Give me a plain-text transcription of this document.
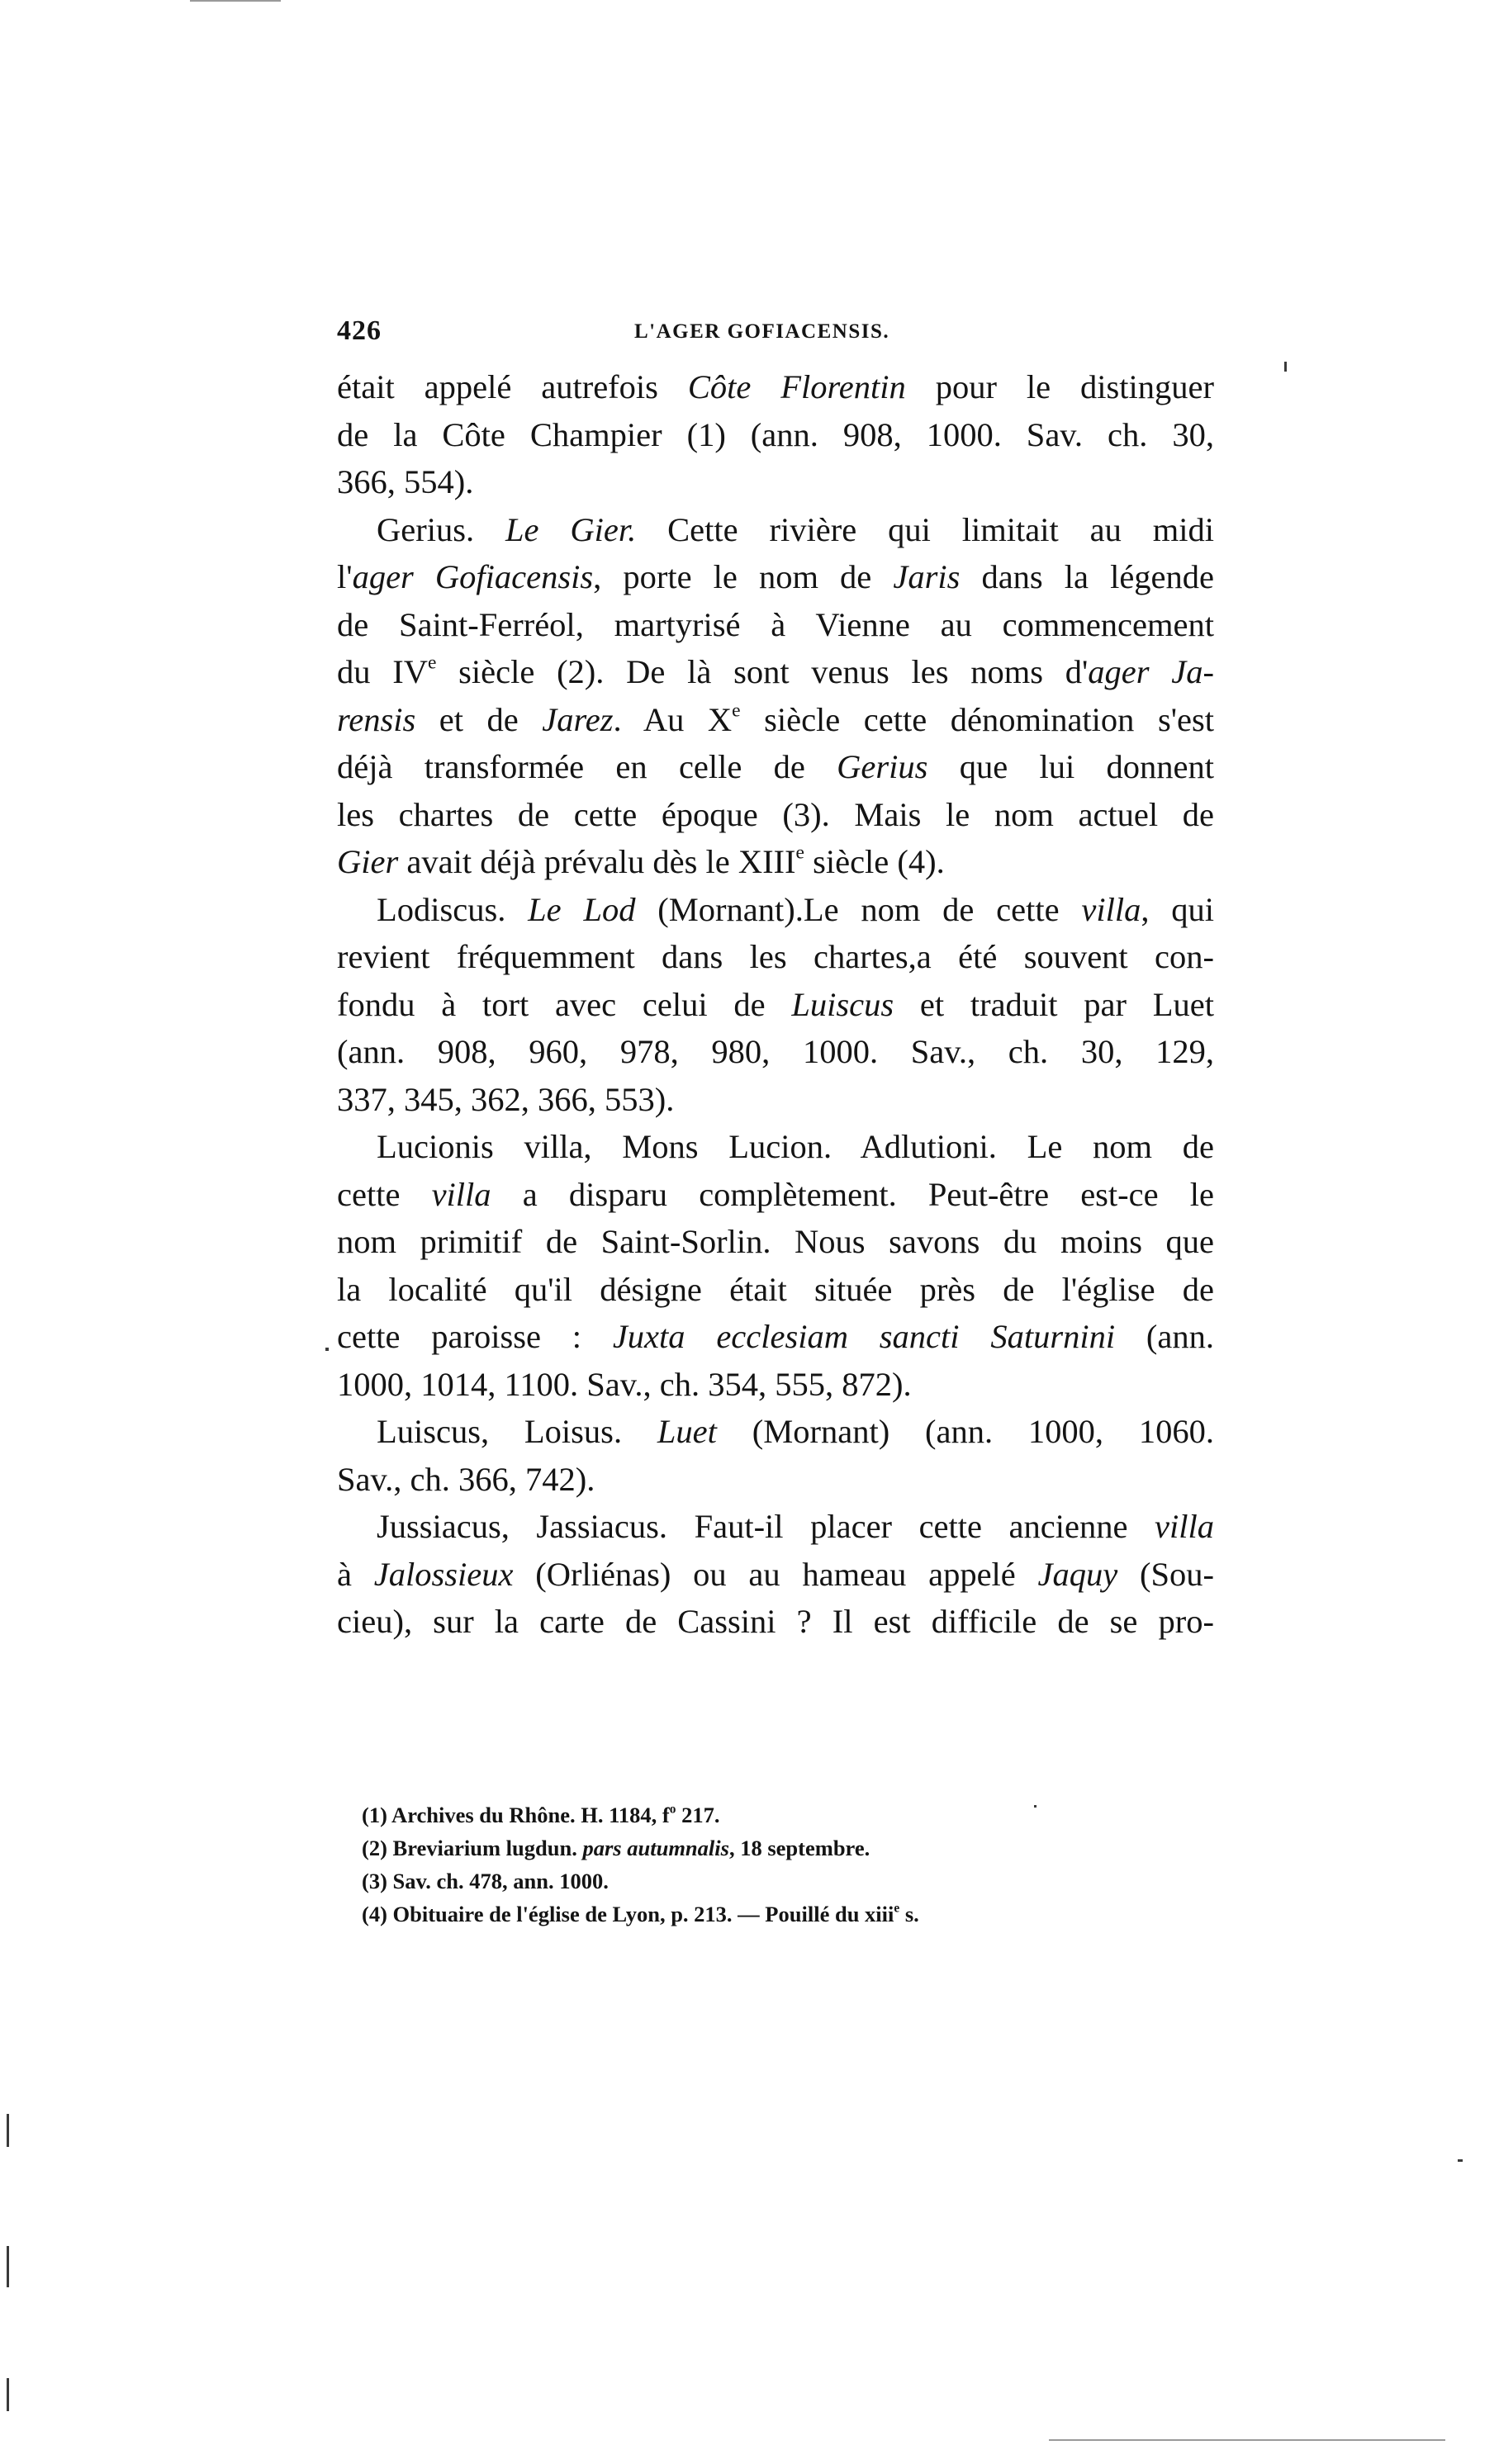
426	L'AGER GOFIACENSIS.
était appelé autrefois Côte Florentin pour le distinguer
de la Côte Champier (1) (ann. 908, 1000. Sav. ch. 30,
366, 554).
Gerius. Le Gier. Cette rivière qui limitait au midi
l'ager Gofiacensis, porte le nom de Jaris dans la légende
de Saint-Ferréol, martyrisé à Vienne au commencement
du IVe siècle (2). De là sont venus les noms d'ager Ja-
rensis et de Jarez. Au Xe siècle cette dénomination s'est
déjà transformée en celle de Gerius que lui donnent
les chartes de cette époque (3). Mais le nom actuel de
Gier avait déjà prévalu dès le XIIIe siècle (4).
Lodiscus. Le Lod (Mornant).Le nom de cette villa, qui
revient fréquemment dans les chartes,a été souvent con-
fondu à tort avec celui de Luiscus et traduit par Luet
(ann. 908, 960, 978, 980, 1000. Sav., ch. 30, 129,
337, 345, 362, 366, 553).
Lucionis villa, Mons Lucion. Adlutioni. Le nom de
cette villa a disparu complètement. Peut-être est-ce le
nom primitif de Saint-Sorlin. Nous savons du moins que
la localité qu'il désigne était située près de l'église de
cette paroisse : Juxta ecclesiam sancti Saturnini (ann.
1000, 1014, 1100. Sav., ch. 354, 555, 872).
Luiscus, Loisus. Luet (Mornant) (ann. 1000, 1060.
Sav., ch. 366, 742).
Jussiacus, Jassiacus. Faut-il placer cette ancienne villa
à Jalossieux (Orliénas) ou au hameau appelé Jaquy (Sou-
cieu), sur la carte de Cassini ? Il est difficile de se pro-
(1) Archives du Rhône. H. 1184, $f^o$ 217.
(2) Breviarium lugdun. pars autumnalis, 18 septembre.
(3) Sav. ch. 478, ann. 1000.
(4) Obituaire de l'église de Lyon, p. 213. — Pouillé du xiii$^e$ s.
